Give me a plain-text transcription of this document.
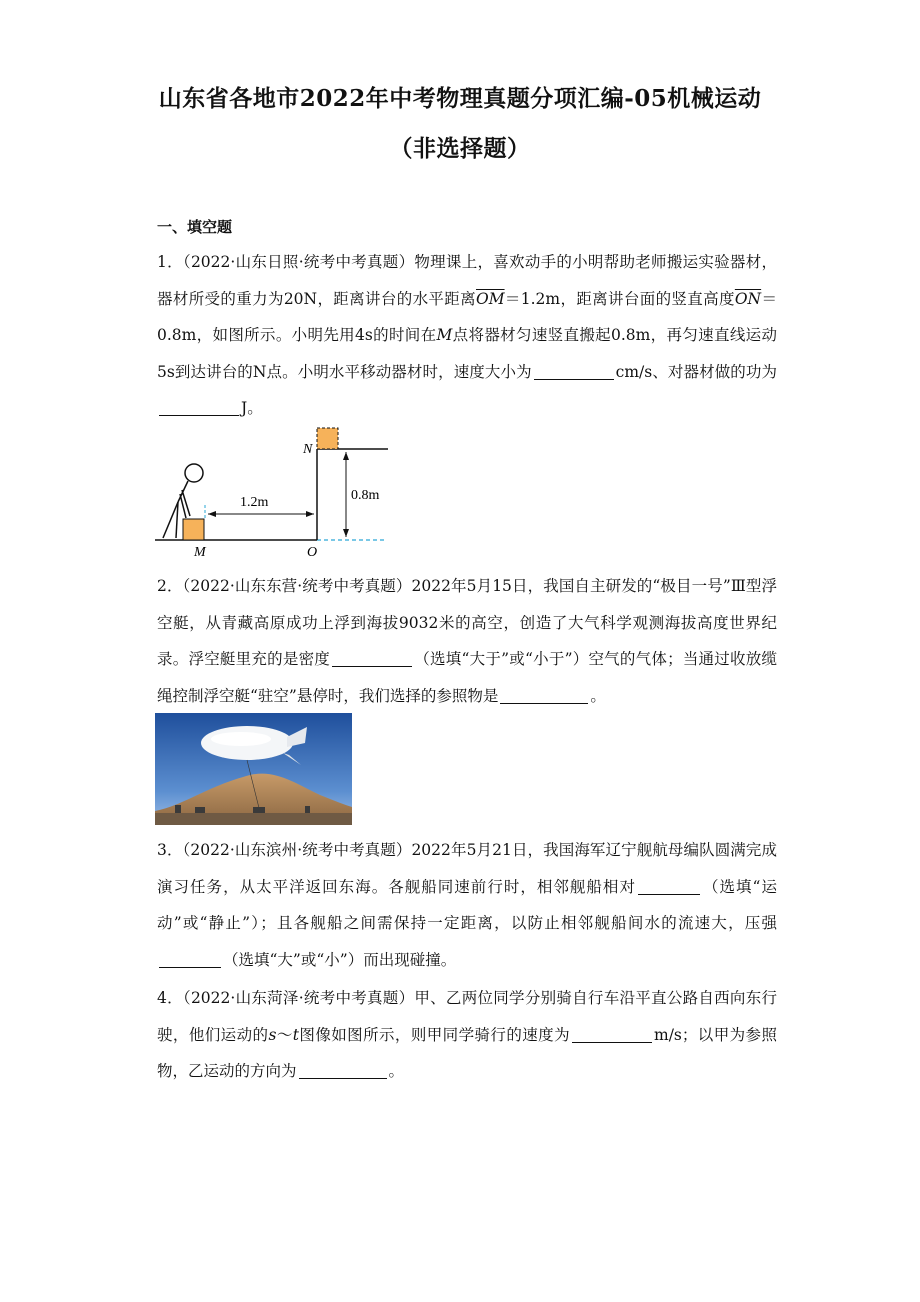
山东省各地市2022年中考物理真题分项汇编-05机械运动
（非选择题）
一、填空题
1．（2022·山东日照·统考中考真题）物理课上，喜欢动手的小明帮助老师搬运实验器材，器材所受的重力为20N，距离讲台的水平距离$\overline{OM}=1.2m$，距离讲台面的竖直高度$\overline{ON}=0.8m$，如图所示。小明先用4s的时间在M点将器材匀速竖直搬起0.8m，再匀速直线运动5s到达讲台的N点。小明水平移动器材时，速度大小为	cm/s、对器材做的功为J。
1.2m	0.8m
N
M	O
2．（2022·山东东营·统考中考真题）2022年5月15日，我国自主研发的“极目一号”Ⅲ型浮空艇，从青藏高原成功上浮到海拔9032米的高空，创造了大气科学观测海拔高度世界纪录。浮空艇里充的是密度	（选填“大于”或“小于”）空气的气体；当通过收放缆绳控制浮空艇“驻空”悬停时，我们选择的参照物是	。
3．（2022·山东滨州·统考中考真题）2022年5月21日，我国海军辽宁舰航母编队圆满完成演习任务，从太平洋返回东海。各舰船同速前行时，相邻舰船相对	（选填“运动”或“静止”）；且各舰船之间需保持一定距离，以防止相邻舰船间水的流速大，压强（选填“大”或“小”）而出现碰撞。
4．（2022·山东菏泽·统考中考真题）甲、乙两位同学分别骑自行车沿平直公路自西向东行驶，他们运动的s～t图像如图所示，则甲同学骑行的速度为	m/s；以甲为参照物，乙运动的方向为	。
